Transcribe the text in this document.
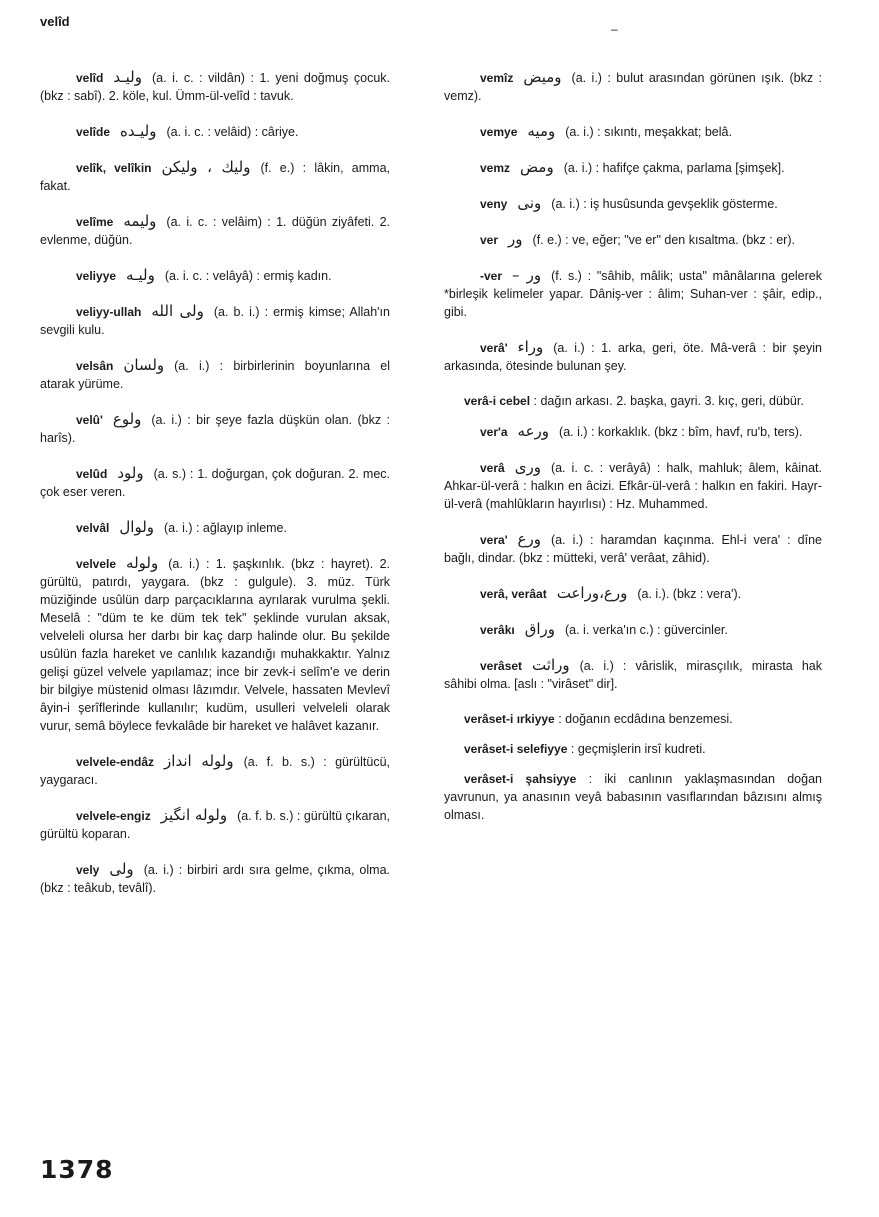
velîd	–

velîd ولیـد (a. i. c. : vildân) : 1. yeni doğmuş çocuk. (bkz : sabî). 2. köle, kul. Ümm-ül-velîd : tavuk.

velîde ولیـده (a. i. c. : velâid) : câriye.

velîk, velîkin ولیك ، ولیكن (f. e.) : lâkin, amma, fakat.

velîme ولیمه (a. i. c. : velâim) : 1. düğün ziyâfeti. 2. evlenme, düğün.

veliyye ولیـه (a. i. c. : velâyâ) : ermiş kadın.

veliyy-ullah ولی الله (a. b. i.) : ermiş kimse; Allah'ın sevgili kulu.

velsân ولسان (a. i.) : birbirlerinin boyunlarına el atarak yürüme.

velû' ولوع (a. i.) : bir şeye fazla düşkün olan. (bkz : harîs).

velûd ولود (a. s.) : 1. doğurgan, çok doğuran. 2. mec. çok eser veren.

velvâl ولوال (a. i.) : ağlayıp inleme.

velvele ولوله (a. i.) : 1. şaşkınlık. (bkz : hayret). 2. gürültü, patırdı, yaygara. (bkz : gulgule). 3. müz. Türk müziğinde usûlün darp parçacıklarına ayrılarak vurulma şekli. Meselâ : "düm te ke düm tek tek" şeklinde vurulan aksak, velveleli olursa her darbı bir kaç darp halinde olur. Bu şekilde usûlün fazla hareket ve canlılık kazandığı muhakkaktır. Yalnız gelişi güzel velvele yapılamaz; ince bir zevk-i selîm'e ve derin bir bilgiye müstenid olması lâzımdır. Velvele, hassaten Mevlevî âyin-i şerîflerinde kullanılır; kudüm, usulleri velveleli olarak vurur, semâ böylece fevkalâde bir hareket ve halâvet kazanır.

velvele-endâz ولوله انداز (a. f. b. s.) : gürültücü, yaygaracı.

velvele-engiz ولوله انگیز (a. f. b. s.) : gürültü çıkaran, gürültü koparan.

vely ولی (a. i.) : birbiri ardı sıra gelme, çıkma, olma. (bkz : teâkub, tevâlî).

vemîz ومیض (a. i.) : bulut arasından görünen ışık. (bkz : vemz).

vemye ومیه (a. i.) : sıkıntı, meşakkat; belâ.

vemz ومض (a. i.) : hafifçe çakma, parlama [şimşek].

veny ونی (a. i.) : iş husûsunda gevşeklik gösterme.

ver ور (f. e.) : ve, eğer; "ve er" den kısaltma. (bkz : er).

-ver ور – (f. s.) : "sâhib, mâlik; usta" mânâlarına gelerek *birleşik kelimeler yapar. Dâniş-ver : âlim; Suhan-ver : şâir, edip., gibi.

verâ' وراء (a. i.) : 1. arka, geri, öte. Mâ-verâ : bir şeyin arkasında, ötesinde bulunan şey.

verâ-i cebel : dağın arkası. 2. başka, gayri. 3. kıç, geri, dübür.

ver'a ورعه (a. i.) : korkaklık. (bkz : bîm, havf, ru'b, ters).

verâ وری (a. i. c. : verâyâ) : halk, mahluk; âlem, kâinat. Ahkar-ül-verâ : halkın en âcizi. Efkâr-ül-verâ : halkın en fakiri. Hayr-ül-verâ (mahlûkların hayırlısı) : Hz. Muhammed.

vera' ورع (a. i.) : haramdan kaçınma. Ehl-i vera' : dîne bağlı, dindar. (bkz : mütteki, verâ' verâat, zâhid).

verâ, verâat ورع،وراعت (a. i.). (bkz : vera').

verâkı وراق (a. i. verka'ın c.) : güvercinler.

verâset وراثت (a. i.) : vârislik, mirasçılık, mirasta hak sâhibi olma. [aslı : "virâset" dir].

verâset-i ırkiyye : doğanın ecdâdına benzemesi.

verâset-i selefiyye : geçmişlerin irsî kudreti.

verâset-i şahsiyye : iki canlının yaklaşmasından doğan yavrunun, ya anasının veyâ babasının vasıflarından bâzısını almış olması.

1378
